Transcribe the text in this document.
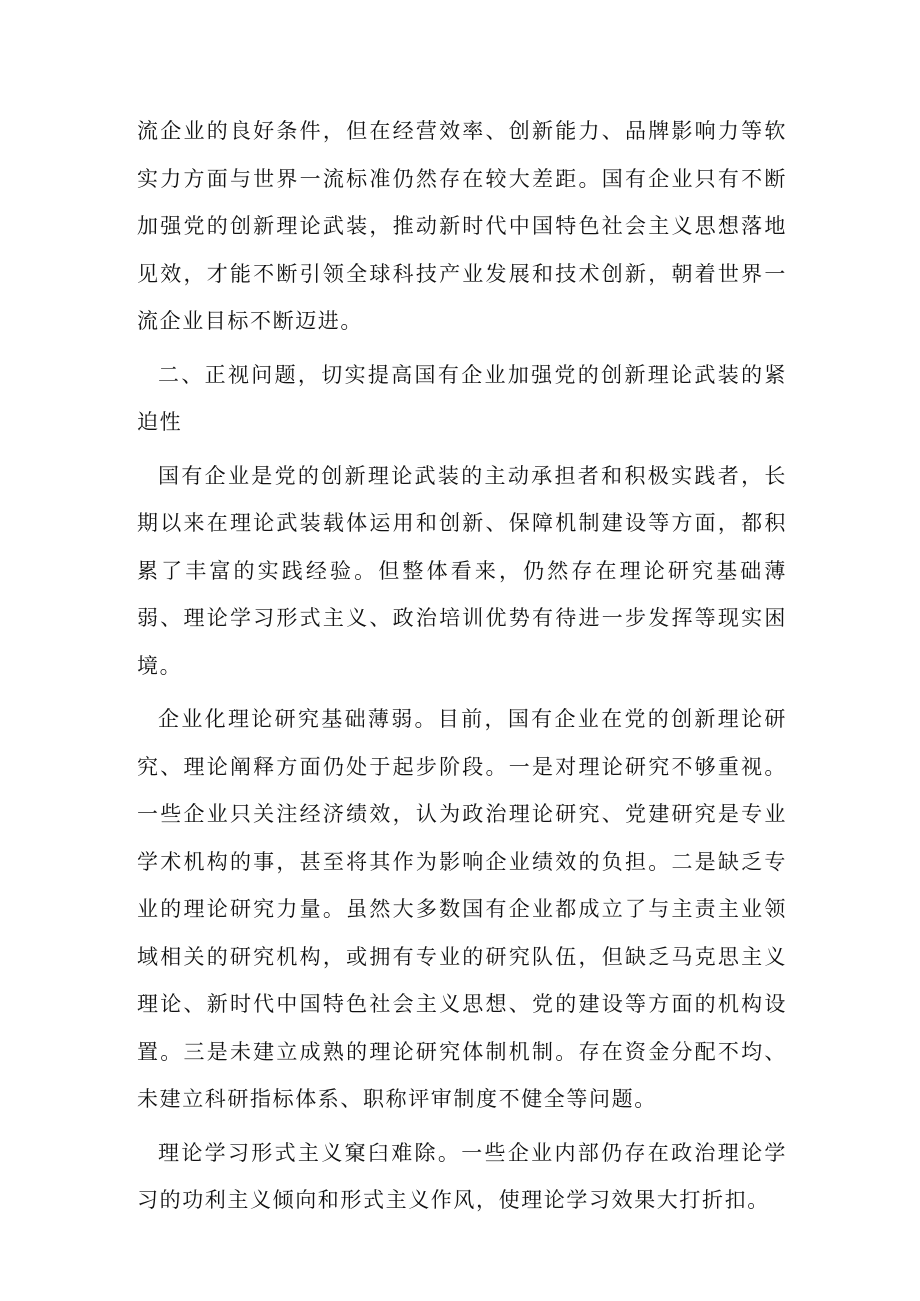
流企业的良好条件，但在经营效率、创新能力、品牌影响力等软实力方面与世界一流标准仍然存在较大差距。国有企业只有不断加强党的创新理论武装，推动新时代中国特色社会主义思想落地见效，才能不断引领全球科技产业发展和技术创新，朝着世界一流企业目标不断迈进。

二、正视问题，切实提高国有企业加强党的创新理论武装的紧迫性

国有企业是党的创新理论武装的主动承担者和积极实践者，长期以来在理论武装载体运用和创新、保障机制建设等方面，都积累了丰富的实践经验。但整体看来，仍然存在理论研究基础薄弱、理论学习形式主义、政治培训优势有待进一步发挥等现实困境。

企业化理论研究基础薄弱。目前，国有企业在党的创新理论研究、理论阐释方面仍处于起步阶段。一是对理论研究不够重视。一些企业只关注经济绩效，认为政治理论研究、党建研究是专业学术机构的事，甚至将其作为影响企业绩效的负担。二是缺乏专业的理论研究力量。虽然大多数国有企业都成立了与主责主业领域相关的研究机构，或拥有专业的研究队伍，但缺乏马克思主义理论、新时代中国特色社会主义思想、党的建设等方面的机构设置。三是未建立成熟的理论研究体制机制。存在资金分配不均、未建立科研指标体系、职称评审制度不健全等问题。

理论学习形式主义窠臼难除。一些企业内部仍存在政治理论学习的功利主义倾向和形式主义作风，使理论学习效果大打折扣。
